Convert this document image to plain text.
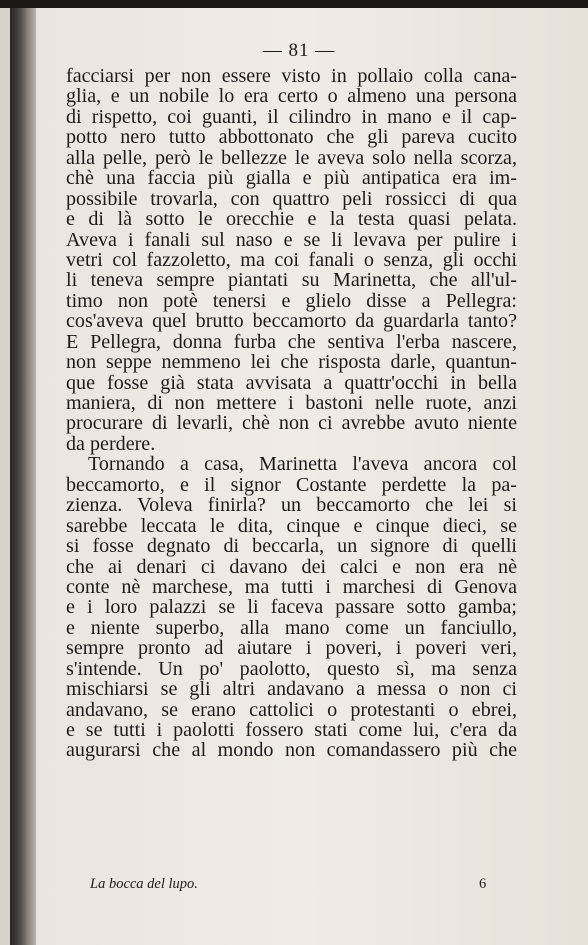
— 81 —
facciarsi per non essere visto in pollaio colla cana-
glia, e un nobile lo era certo o almeno una persona
di rispetto, coi guanti, il cilindro in mano e il cap-
potto nero tutto abbottonato che gli pareva cucito
alla pelle, però le bellezze le aveva solo nella scorza,
chè una faccia più gialla e più antipatica era im-
possibile trovarla, con quattro peli rossicci di qua
e di là sotto le orecchie e la testa quasi pelata.
Aveva i fanali sul naso e se li levava per pulire i
vetri col fazzoletto, ma coi fanali o senza, gli occhi
li teneva sempre piantati su Marinetta, che all'ul-
timo non potè tenersi e glielo disse a Pellegra:
cos'aveva quel brutto beccamorto da guardarla tanto?
E Pellegra, donna furba che sentiva l'erba nascere,
non seppe nemmeno lei che risposta darle, quantun-
que fosse già stata avvisata a quattr'occhi in bella
maniera, di non mettere i bastoni nelle ruote, anzi
procurare di levarli, chè non ci avrebbe avuto niente
da perdere.
Tornando a casa, Marinetta l'aveva ancora col
beccamorto, e il signor Costante perdette la pa-
zienza. Voleva finirla? un beccamorto che lei si
sarebbe leccata le dita, cinque e cinque dieci, se
si fosse degnato di beccarla, un signore di quelli
che ai denari ci davano dei calci e non era nè
conte nè marchese, ma tutti i marchesi di Genova
e i loro palazzi se li faceva passare sotto gamba;
e niente superbo, alla mano come un fanciullo,
sempre pronto ad aiutare i poveri, i poveri veri,
s'intende. Un po' paolotto, questo sì, ma senza
mischiarsi se gli altri andavano a messa o non ci
andavano, se erano cattolici o protestanti o ebrei,
e se tutti i paolotti fossero stati come lui, c'era da
augurarsi che al mondo non comandassero più che
La bocca del lupo.	6
